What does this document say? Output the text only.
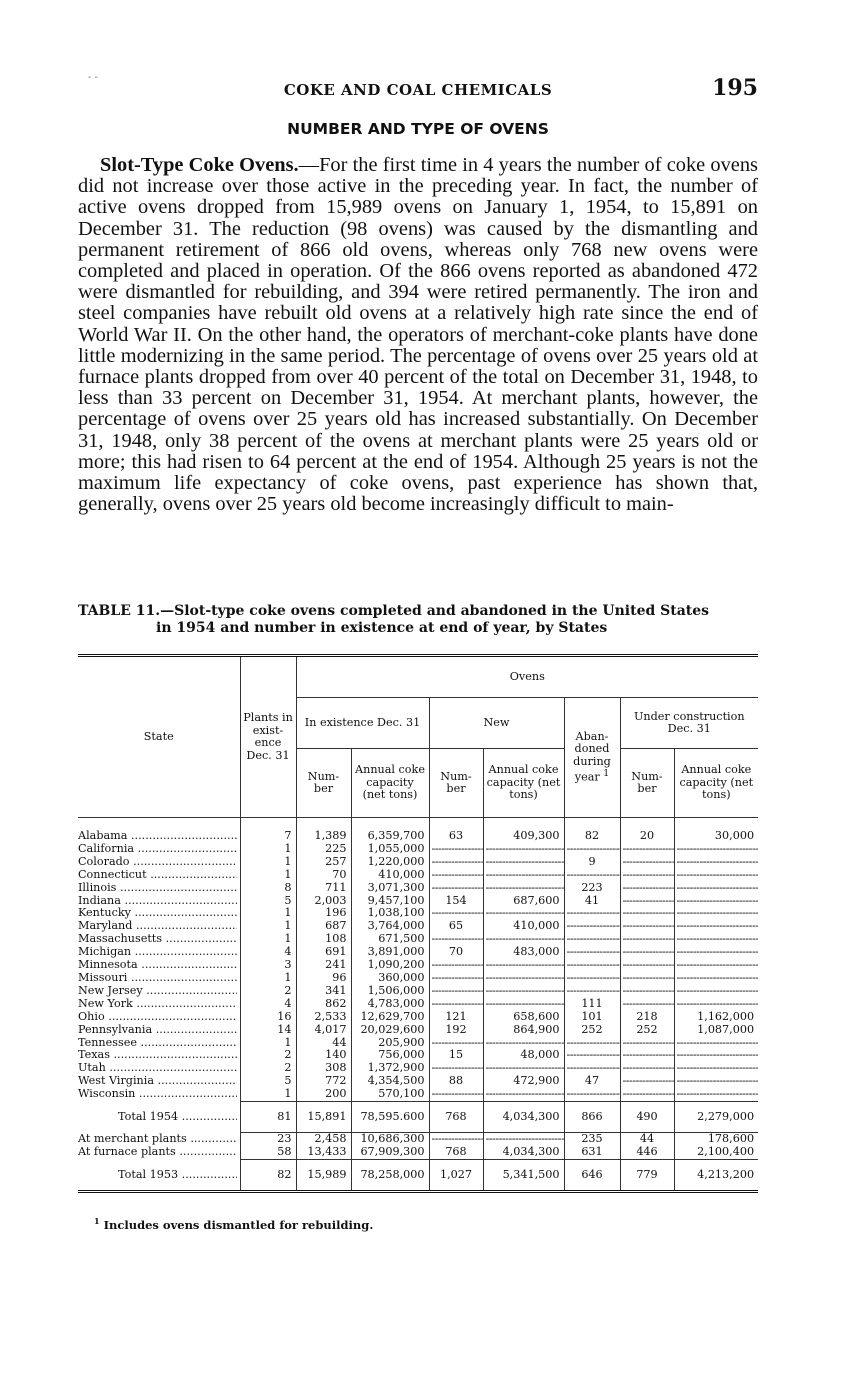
- -
COKE AND COAL CHEMICALS	195
NUMBER AND TYPE OF OVENS

Slot-Type Coke Ovens.—For the first time in 4 years the number of coke ovens did not increase over those active in the preceding year. In fact, the number of active ovens dropped from 15,989 ovens on January 1, 1954, to 15,891 on December 31. The reduction (98 ovens) was caused by the dismantling and permanent retirement of 866 old ovens, whereas only 768 new ovens were completed and placed in operation. Of the 866 ovens reported as abandoned 472 were dismantled for rebuilding, and 394 were retired permanently. The iron and steel companies have rebuilt old ovens at a relatively high rate since the end of World War II. On the other hand, the operators of merchant-coke plants have done little modernizing in the same period. The percentage of ovens over 25 years old at furnace plants dropped from over 40 percent of the total on December 31, 1948, to less than 33 percent on December 31, 1954. At merchant plants, however, the percentage of ovens over 25 years old has increased substantially. On December 31, 1948, only 38 percent of the ovens at merchant plants were 25 years old or more; this had risen to 64 percent at the end of 1954. Although 25 years is not the maximum life expectancy of coke ovens, past experience has shown that, generally, ovens over 25 years old become increasingly difficult to main-

TABLE 11.—Slot-type coke ovens completed and abandoned in the United States
in 1954 and number in existence at end of year, by States
State	Plants in exist-ence Dec. 31	Ovens						
		In existence Dec. 31		New		Aban-doned during year $^1$	Under construction Dec. 31	
		Num-ber	Annual coke capacity (net tons)	Num-ber	Annual coke capacity (net tons)		Num-ber	Annual coke capacity (net tons)

Alabama .....	7	1,389	6,359,700	63	409,300	82	20	30,000

California .....	1	225	1,055,000	-----	-----	-----	-----	-----

Colorado .....	1	257	1,220,000	-----	-----	9	-----	-----

Connecticut .....	1	70	410,000	-----	-----	-----	-----	-----

Illinois .....	8	711	3,071,300	-----	-----	223	-----	-----

Indiana .....	5	2,003	9,457,100	154	687,600	41	-----	-----

Kentucky .....	1	196	1,038,100	-----	-----	-----	-----	-----

Maryland .....	1	687	3,764,000	65	410,000	-----	-----	-----

Massachusetts .....	1	108	671,500	-----	-----	-----	-----	-----

Michigan .....	4	691	3,891,000	70	483,000	-----	-----	-----

Minnesota .....	3	241	1,090,200	-----	-----	-----	-----	-----

Missouri .....	1	96	360,000	-----	-----	-----	-----	-----

New Jersey .....	2	341	1,506,000	-----	-----	-----	-----	-----

New York .....	4	862	4,783,000	-----	-----	111	-----	-----

Ohio .....	16	2,533	12,629,700	121	658,600	101	218	1,162,000

Pennsylvania .....	14	4,017	20,029,600	192	864,900	252	252	1,087,000

Tennessee .....	1	44	205,900	-----	-----	-----	-----	-----

Texas .....	2	140	756,000	15	48,000	-----	-----	-----

Utah .....	2	308	1,372,900	-----	-----	-----	-----	-----

West Virginia .....	5	772	4,354,500	88	472,900	47	-----	-----

Wisconsin .....	1	200	570,100	-----	-----	-----	-----	-----

Total 1954 .....	81	15,891	78,595.600	768	4,034,300	866	490	2,279,000

At merchant plants .....	23	2,458	10,686,300	-----	-----	235	44	178,600

At furnace plants .....	58	13,433	67,909,300	768	4,034,300	631	446	2,100,400

Total 1953 .....	82	15,989	78,258,000	1,027	5,341,500	646	779	4,213,200
$^1$ Includes ovens dismantled for rebuilding.
